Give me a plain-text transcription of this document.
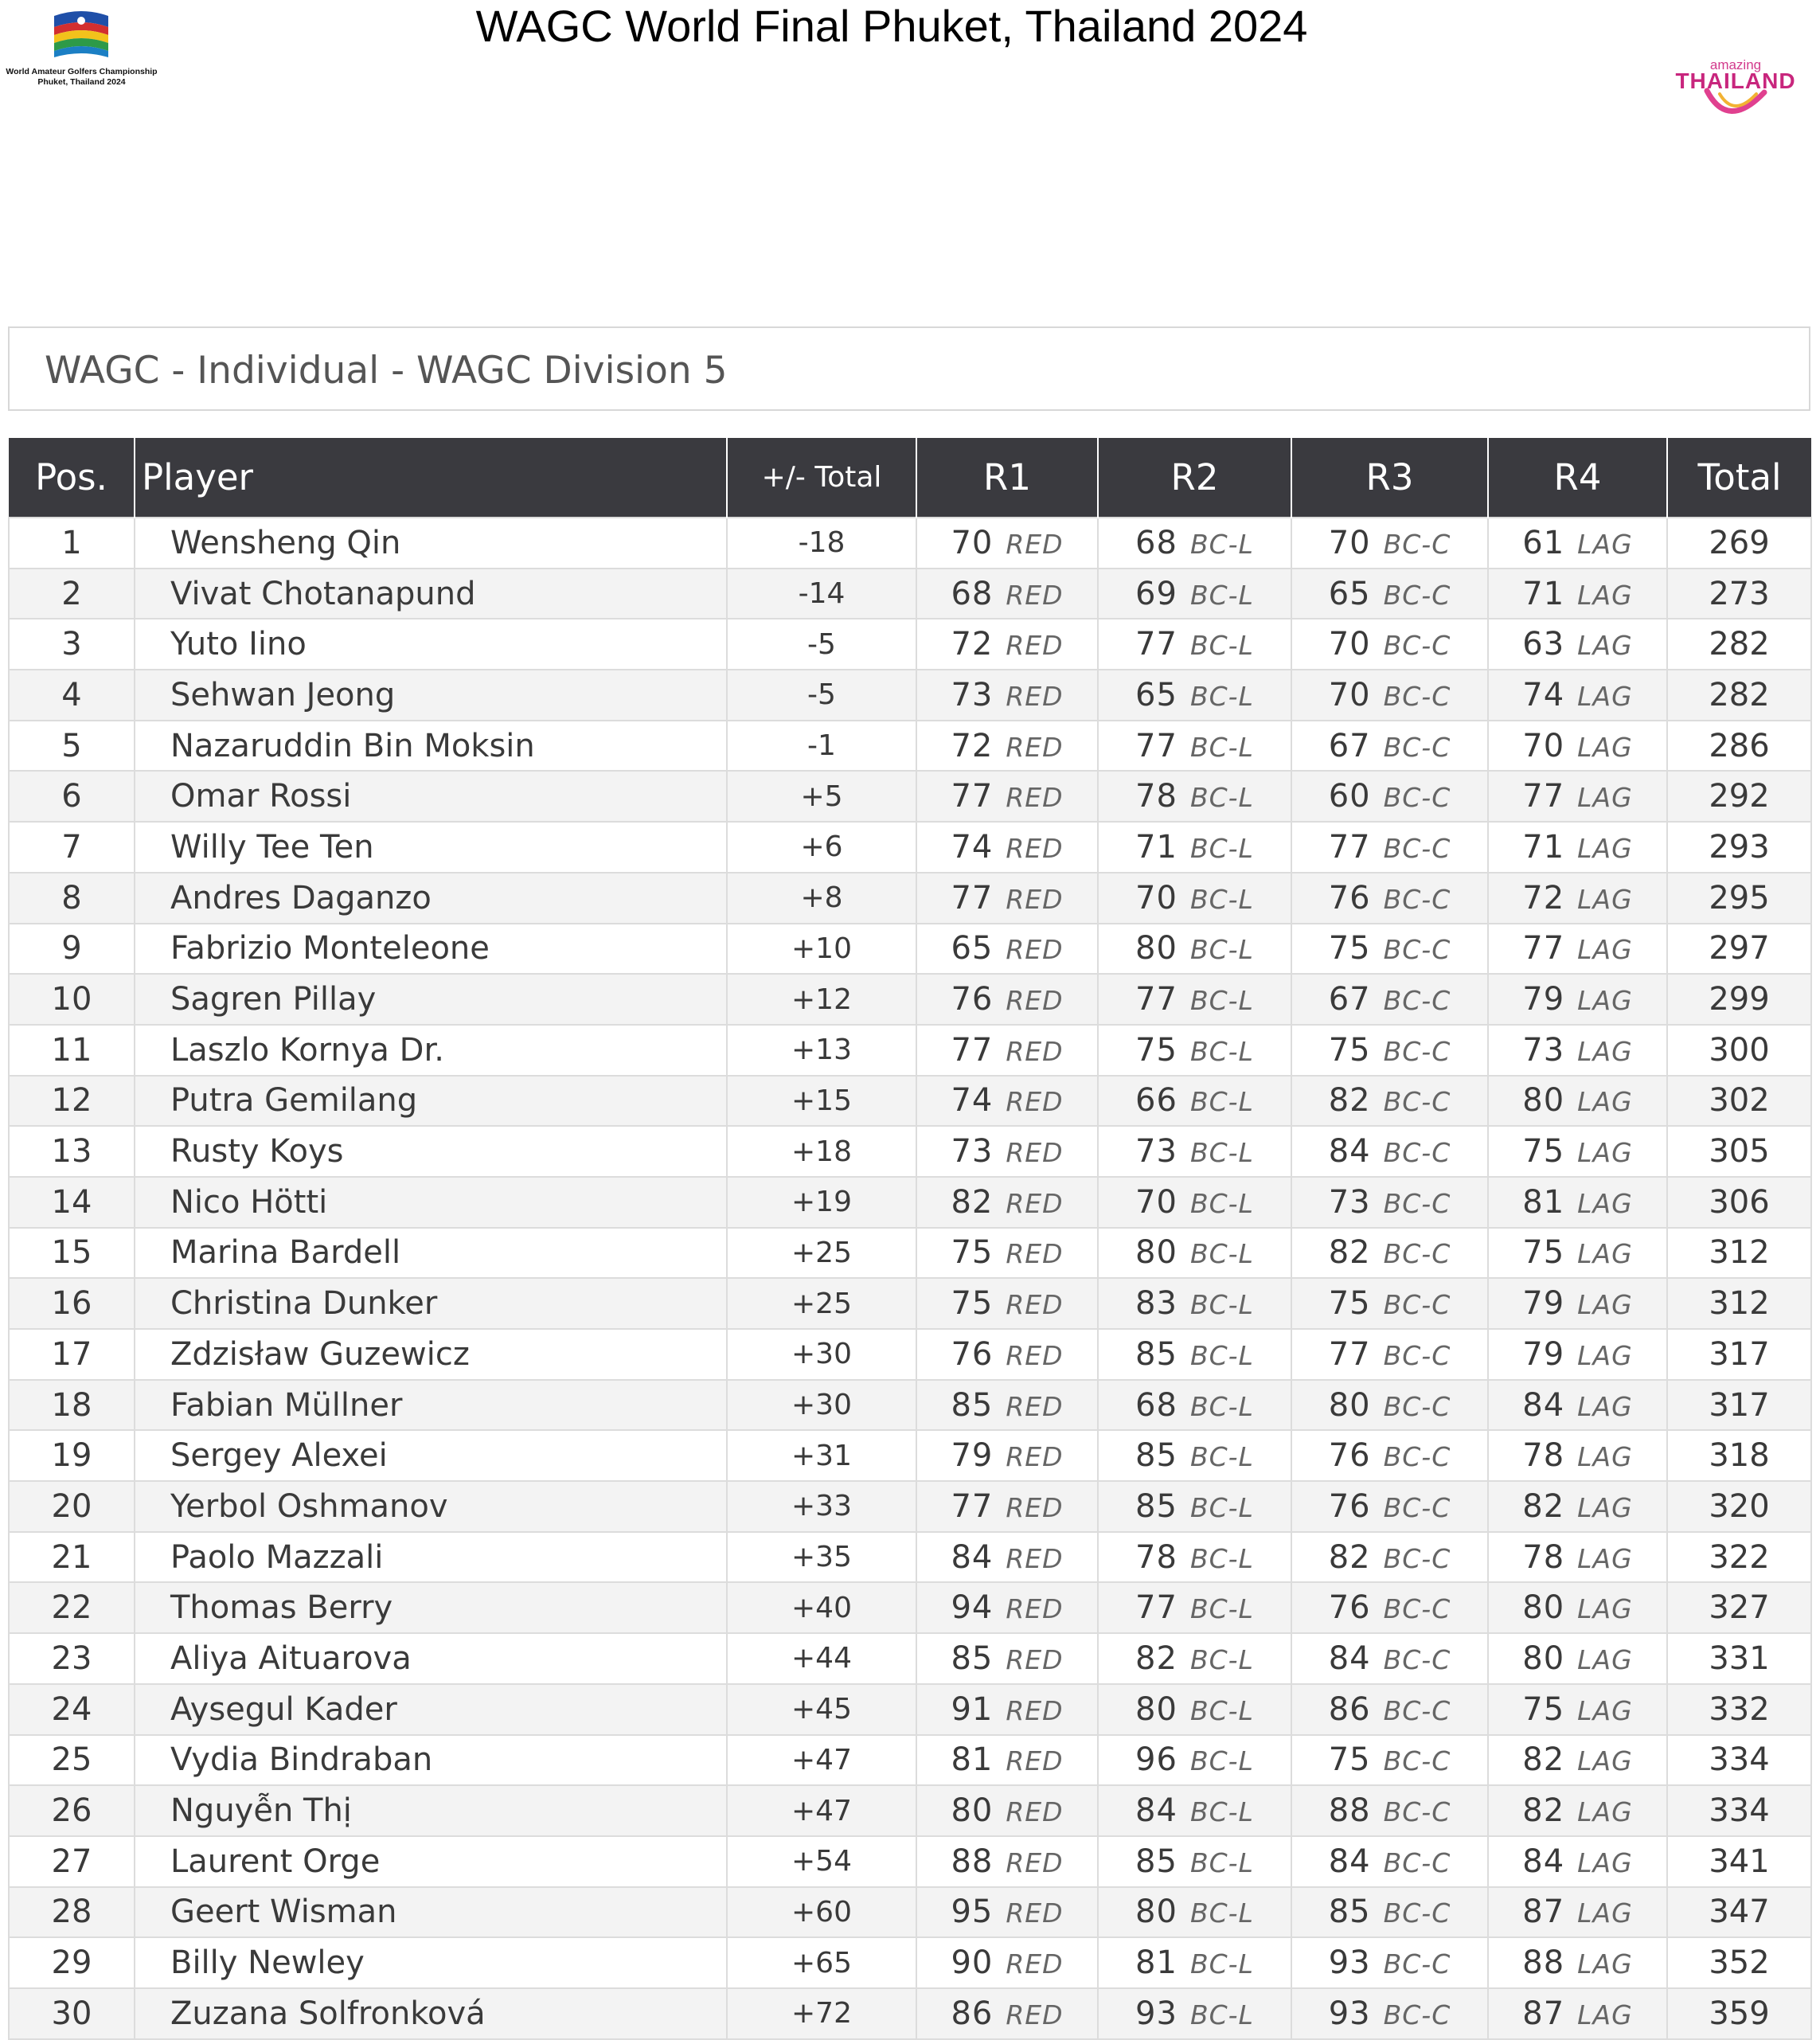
World Amateur Golfers Championship
Phuket, Thailand 2024
WAGC World Final Phuket, Thailand 2024
amazing
THAILAND
WAGC - Individual - WAGC Division 5
Pos.	Player	+/- Total	R1	R2	R3	R4	Total
1	Wensheng Qin	-18	70 RED	68 BC-L	70 BC-C	61 LAG	269
2	Vivat Chotanapund	-14	68 RED	69 BC-L	65 BC-C	71 LAG	273
3	Yuto Iino	-5	72 RED	77 BC-L	70 BC-C	63 LAG	282
4	Sehwan Jeong	-5	73 RED	65 BC-L	70 BC-C	74 LAG	282
5	Nazaruddin Bin Moksin	-1	72 RED	77 BC-L	67 BC-C	70 LAG	286
6	Omar Rossi	+5	77 RED	78 BC-L	60 BC-C	77 LAG	292
7	Willy Tee Ten	+6	74 RED	71 BC-L	77 BC-C	71 LAG	293
8	Andres Daganzo	+8	77 RED	70 BC-L	76 BC-C	72 LAG	295
9	Fabrizio Monteleone	+10	65 RED	80 BC-L	75 BC-C	77 LAG	297
10	Sagren Pillay	+12	76 RED	77 BC-L	67 BC-C	79 LAG	299
11	Laszlo Kornya Dr.	+13	77 RED	75 BC-L	75 BC-C	73 LAG	300
12	Putra Gemilang	+15	74 RED	66 BC-L	82 BC-C	80 LAG	302
13	Rusty Koys	+18	73 RED	73 BC-L	84 BC-C	75 LAG	305
14	Nico Hötti	+19	82 RED	70 BC-L	73 BC-C	81 LAG	306
15	Marina Bardell	+25	75 RED	80 BC-L	82 BC-C	75 LAG	312
16	Christina Dunker	+25	75 RED	83 BC-L	75 BC-C	79 LAG	312
17	Zdzisław Guzewicz	+30	76 RED	85 BC-L	77 BC-C	79 LAG	317
18	Fabian Müllner	+30	85 RED	68 BC-L	80 BC-C	84 LAG	317
19	Sergey Alexei	+31	79 RED	85 BC-L	76 BC-C	78 LAG	318
20	Yerbol Oshmanov	+33	77 RED	85 BC-L	76 BC-C	82 LAG	320
21	Paolo Mazzali	+35	84 RED	78 BC-L	82 BC-C	78 LAG	322
22	Thomas Berry	+40	94 RED	77 BC-L	76 BC-C	80 LAG	327
23	Aliya Aituarova	+44	85 RED	82 BC-L	84 BC-C	80 LAG	331
24	Aysegul Kader	+45	91 RED	80 BC-L	86 BC-C	75 LAG	332
25	Vydia Bindraban	+47	81 RED	96 BC-L	75 BC-C	82 LAG	334
26	Nguyễn Thị	+47	80 RED	84 BC-L	88 BC-C	82 LAG	334
27	Laurent Orge	+54	88 RED	85 BC-L	84 BC-C	84 LAG	341
28	Geert Wisman	+60	95 RED	80 BC-L	85 BC-C	87 LAG	347
29	Billy Newley	+65	90 RED	81 BC-L	93 BC-C	88 LAG	352
30	Zuzana Solfronková	+72	86 RED	93 BC-L	93 BC-C	87 LAG	359
